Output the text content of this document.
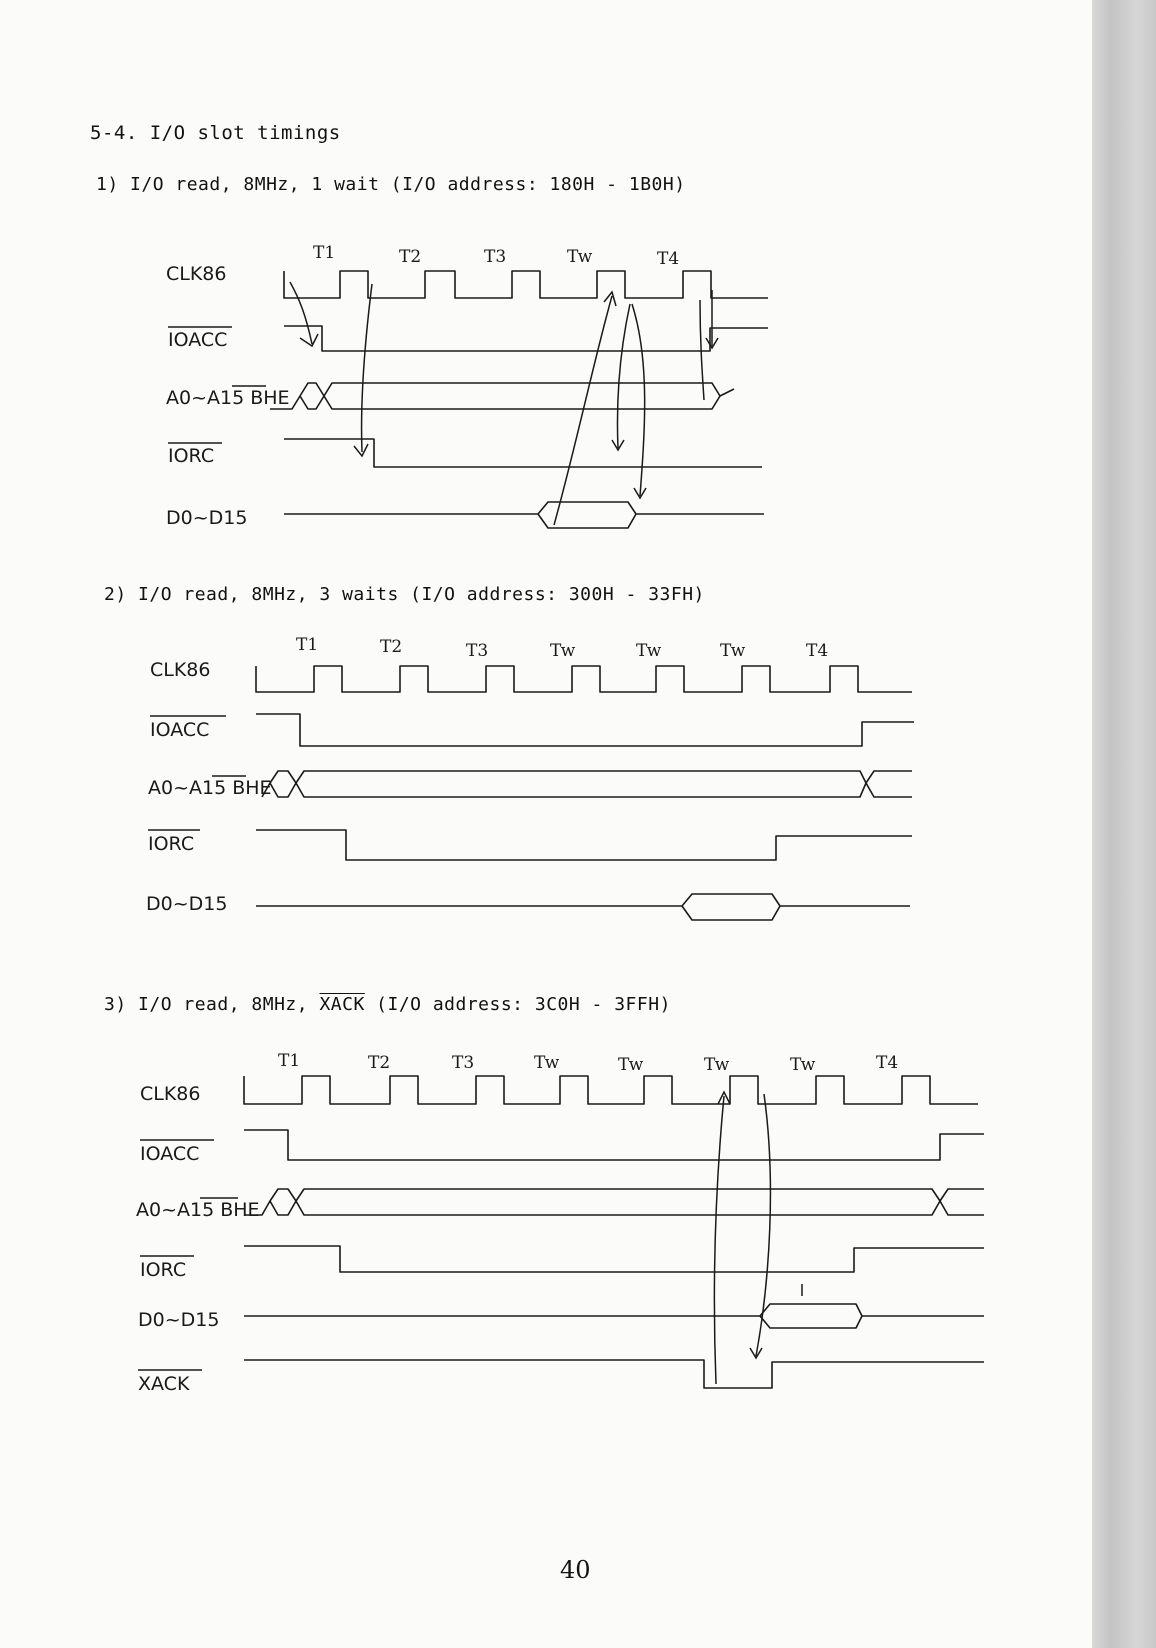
5-4. I/O slot timings
1) I/O read, 8MHz, 1 wait (I/O address: 180H - 1B0H)
2) I/O read, 8MHz, 3 waits (I/O address: 300H - 33FH)
3) I/O read, 8MHz, XACK (I/O address: 3C0H - 3FFH)
T1	T2	T3	Tw	T4
CLK86
IOACC
A0~A15 BHE
IORC
D0~D15
T1	T2	T3	Tw	Tw	Tw	T4
CLK86
IOACC
A0~A15 BHE
IORC
D0~D15
T1	T2	T3	Tw	Tw	Tw	Tw	T4
CLK86
IOACC
A0~A15 BHE
IORC
D0~D15
XACK
40
